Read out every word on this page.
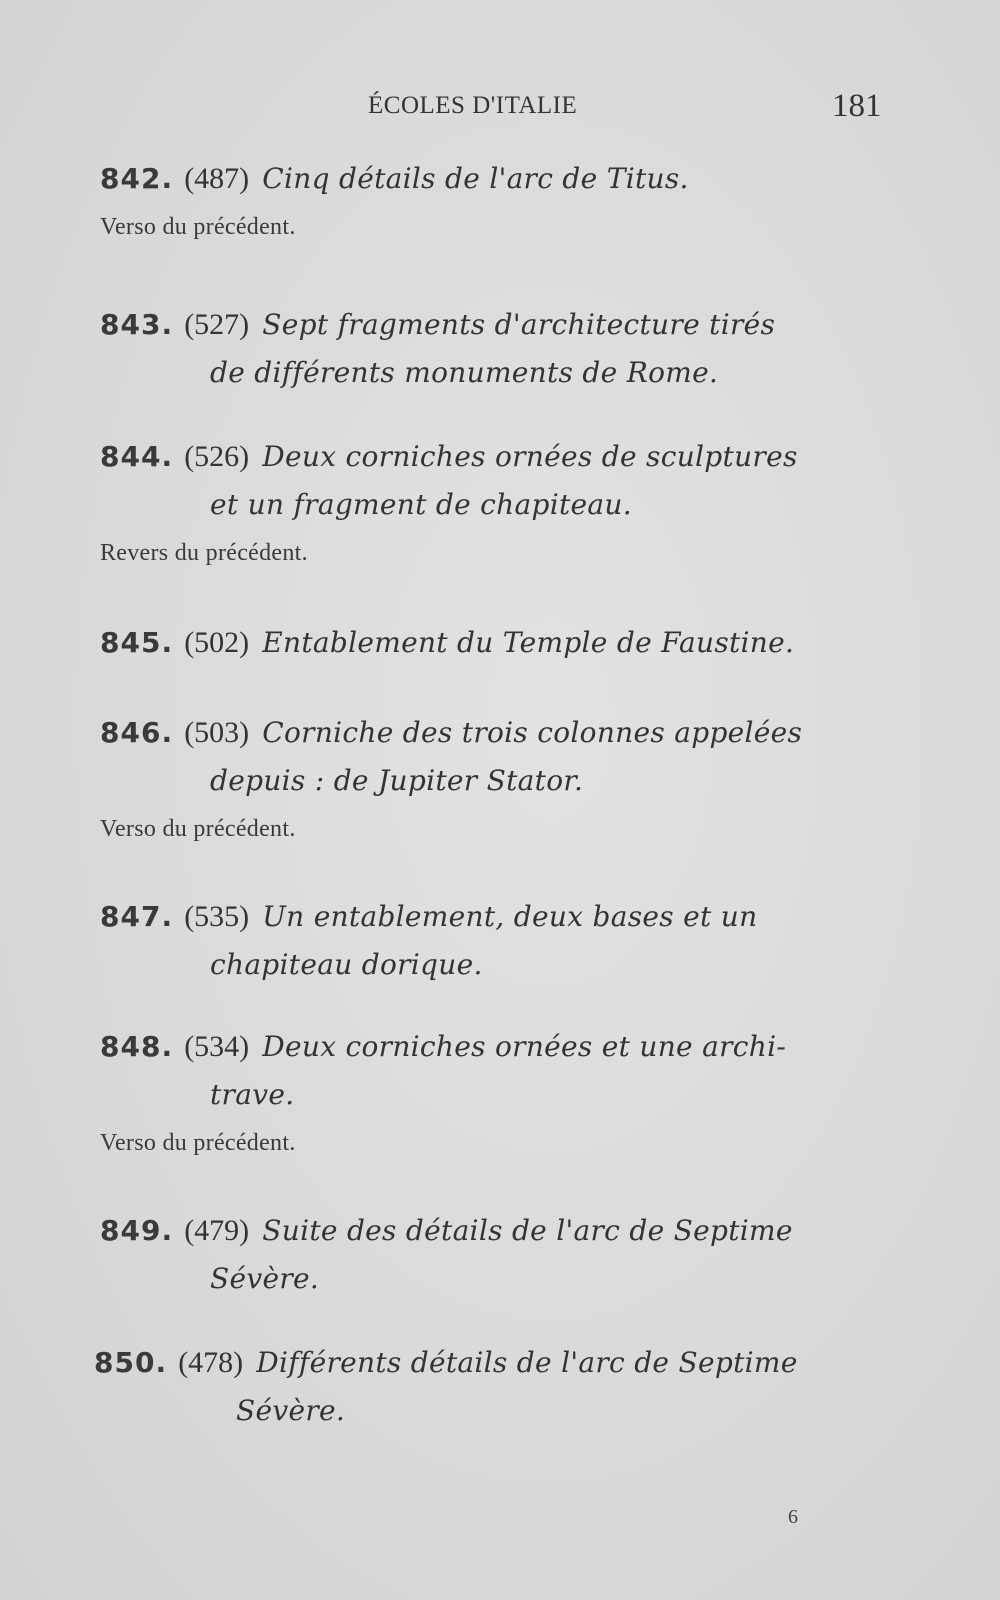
ÉCOLES D'ITALIE	181
842. (487) Cinq détails de l'arc de Titus.
Verso du précédent.
843. (527) Sept fragments d'architecture tirés
de différents monuments de Rome.
844. (526) Deux corniches ornées de sculptures
et un fragment de chapiteau.
Revers du précédent.
845. (502) Entablement du Temple de Faustine.
846. (503) Corniche des trois colonnes appelées
depuis : de Jupiter Stator.
Verso du précédent.
847. (535) Un entablement, deux bases et un
chapiteau dorique.
848. (534) Deux corniches ornées et une archi-
trave.
Verso du précédent.
849. (479) Suite des détails de l'arc de Septime
Sévère.
850. (478) Différents détails de l'arc de Septime
Sévère.
6
